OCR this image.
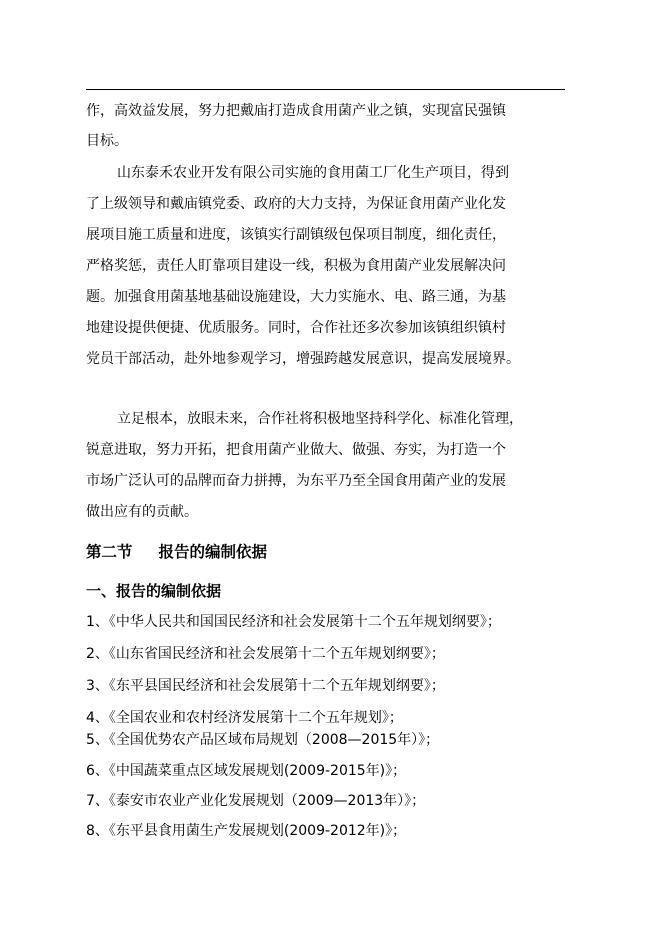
作，高效益发展，努力把戴庙打造成食用菌产业之镇，实现富民强镇
目标。
山东泰禾农业开发有限公司实施的食用菌工厂化生产项目，得到
了上级领导和戴庙镇党委、政府的大力支持，为保证食用菌产业化发
展项目施工质量和进度，该镇实行副镇级包保项目制度，细化责任，
严格奖惩，责任人盯靠项目建设一线，积极为食用菌产业发展解决问
题。加强食用菌基地基础设施建设，大力实施水、电、路三通，为基
地建设提供便捷、优质服务。同时，合作社还多次参加该镇组织镇村
党员干部活动，赴外地参观学习，增强跨越发展意识，提高发展境界。
立足根本，放眼未来，合作社将积极地坚持科学化、标准化管理，
锐意进取，努力开拓，把食用菌产业做大、做强、夯实，为打造一个
市场广泛认可的品牌而奋力拼搏，为东平乃至全国食用菌产业的发展
做出应有的贡献。
第二节 报告的编制依据
一、报告的编制依据
1、《中华人民共和国国民经济和社会发展第十二个五年规划纲要》；
2、《山东省国民经济和社会发展第十二个五年规划纲要》；
3、《东平县国民经济和社会发展第十二个五年规划纲要》；
4、《全国农业和农村经济发展第十二个五年规划》；
5、《全国优势农产品区域布局规划（2008—2015年）》；
6、《中国蔬菜重点区域发展规划(2009-2015年)》；
7、《泰安市农业产业化发展规划（2009—2013年）》；
8、《东平县食用菌生产发展规划(2009-2012年)》；
